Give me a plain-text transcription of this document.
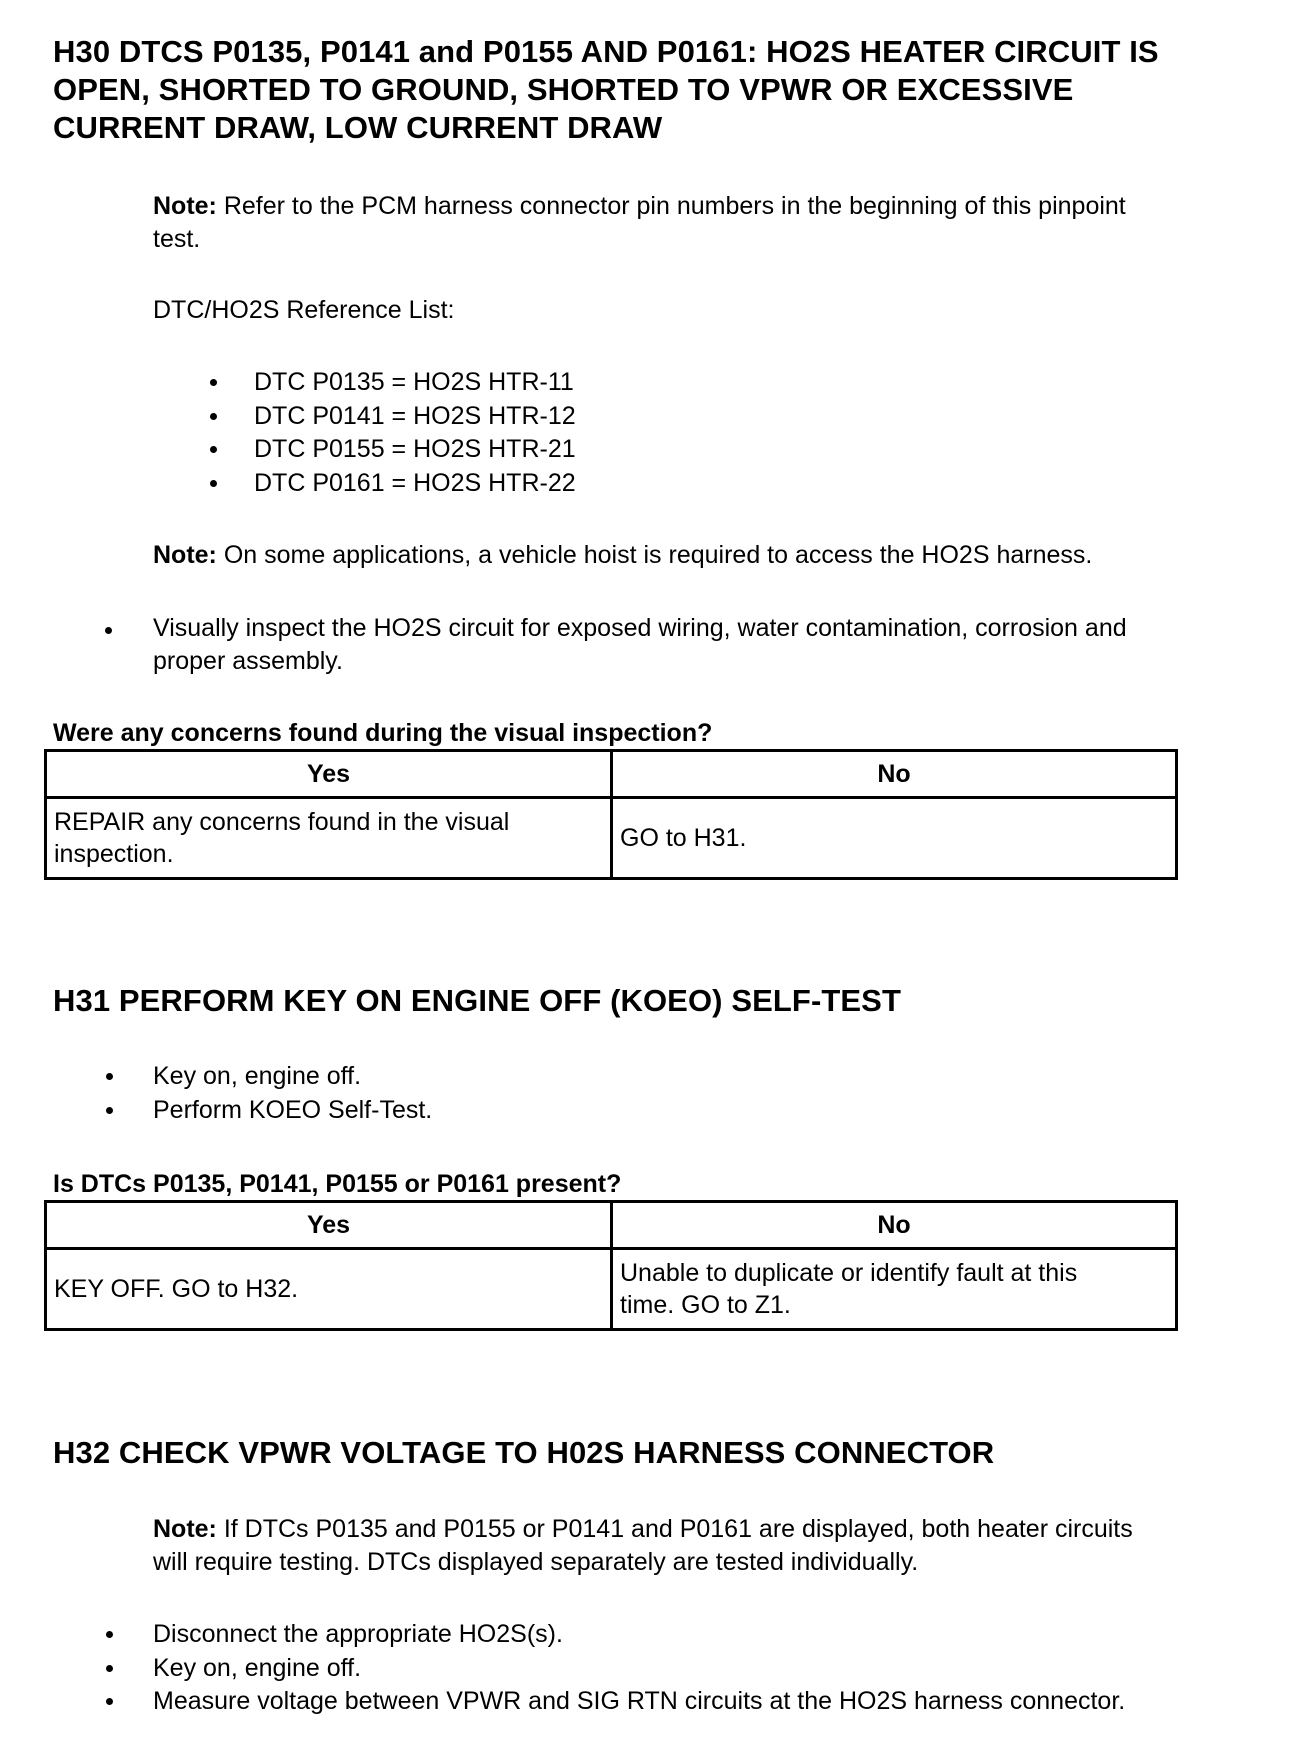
H30 DTCS P0135, P0141 and P0155 AND P0161: HO2S HEATER CIRCUIT IS
OPEN, SHORTED TO GROUND, SHORTED TO VPWR OR EXCESSIVE
CURRENT DRAW, LOW CURRENT DRAW

Note: Refer to the PCM harness connector pin numbers in the beginning of this pinpoint
test.

DTC/HO2S Reference List:

DTC P0135 = HO2S HTR-11
DTC P0141 = HO2S HTR-12
DTC P0155 = HO2S HTR-21
DTC P0161 = HO2S HTR-22

Note: On some applications, a vehicle hoist is required to access the HO2S harness.

Visually inspect the HO2S circuit for exposed wiring, water contamination, corrosion and
proper assembly.

Were any concerns found during the visual inspection?

Yes	No
REPAIR any concerns found in the visual
inspection.	GO to H31.
H31 PERFORM KEY ON ENGINE OFF (KOEO) SELF-TEST
Key on, engine off.
Perform KOEO Self-Test.

Is DTCs P0135, P0141, P0155 or P0161 present?

Yes	No
KEY OFF. GO to H32.	Unable to duplicate or identify fault at this
time. GO to Z1.
H32 CHECK VPWR VOLTAGE TO H02S HARNESS CONNECTOR

Note: If DTCs P0135 and P0155 or P0141 and P0161 are displayed, both heater circuits
will require testing. DTCs displayed separately are tested individually.

Disconnect the appropriate HO2S(s).
Key on, engine off.
Measure voltage between VPWR and SIG RTN circuits at the HO2S harness connector.
